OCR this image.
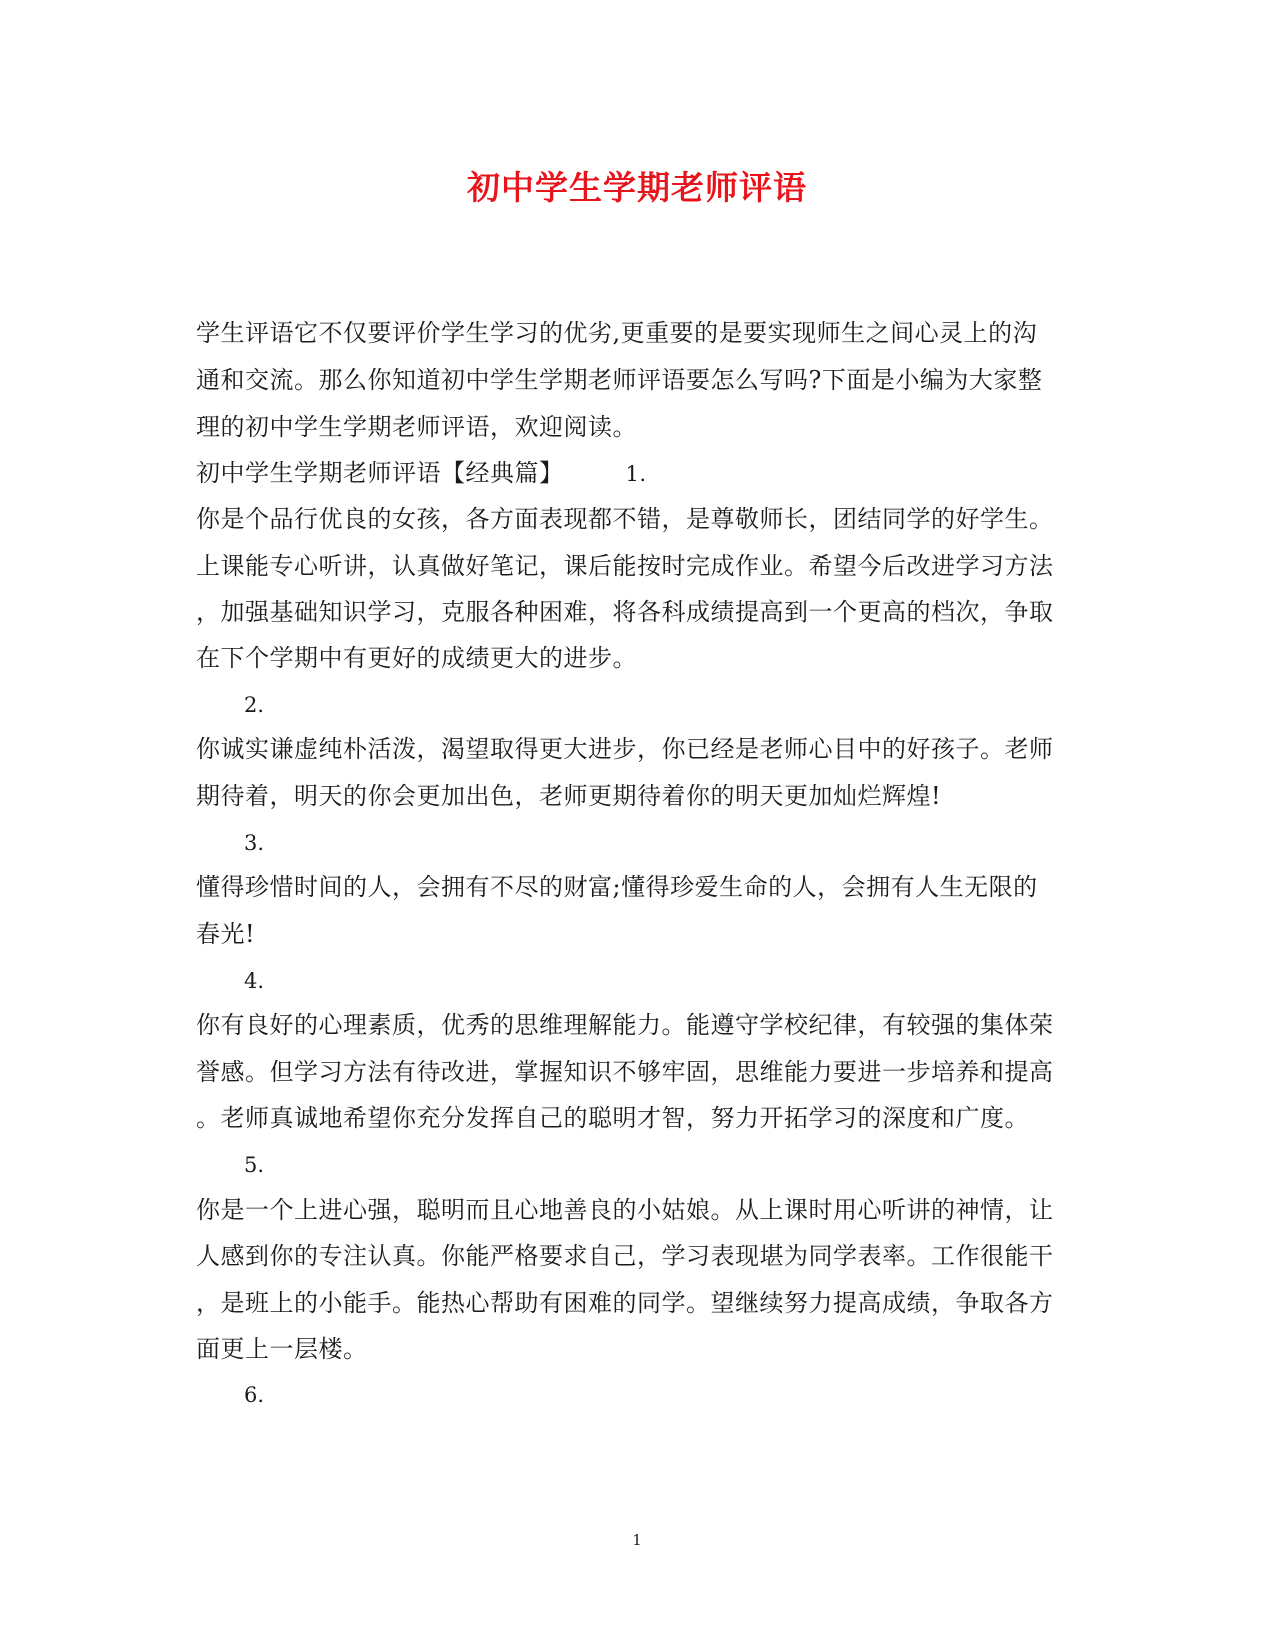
初中学生学期老师评语
学生评语它不仅要评价学生学习的优劣,更重要的是要实现师生之间心灵上的沟
通和交流。那么你知道初中学生学期老师评语要怎么写吗?下面是小编为大家整
理的初中学生学期老师评语，欢迎阅读。
初中学生学期老师评语【经典篇】	1.
你是个品行优良的女孩，各方面表现都不错，是尊敬师长，团结同学的好学生。
上课能专心听讲，认真做好笔记，课后能按时完成作业。希望今后改进学习方法
，加强基础知识学习，克服各种困难，将各科成绩提高到一个更高的档次，争取
在下个学期中有更好的成绩更大的进步。
2.
你诚实谦虚纯朴活泼，渴望取得更大进步，你已经是老师心目中的好孩子。老师
期待着，明天的你会更加出色，老师更期待着你的明天更加灿烂辉煌!
3.
懂得珍惜时间的人，会拥有不尽的财富;懂得珍爱生命的人，会拥有人生无限的
春光!
4.
你有良好的心理素质，优秀的思维理解能力。能遵守学校纪律，有较强的集体荣
誉感。但学习方法有待改进，掌握知识不够牢固，思维能力要进一步培养和提高
。老师真诚地希望你充分发挥自己的聪明才智，努力开拓学习的深度和广度。
5.
你是一个上进心强，聪明而且心地善良的小姑娘。从上课时用心听讲的神情，让
人感到你的专注认真。你能严格要求自己，学习表现堪为同学表率。工作很能干
，是班上的小能手。能热心帮助有困难的同学。望继续努力提高成绩，争取各方
面更上一层楼。
6.
1
